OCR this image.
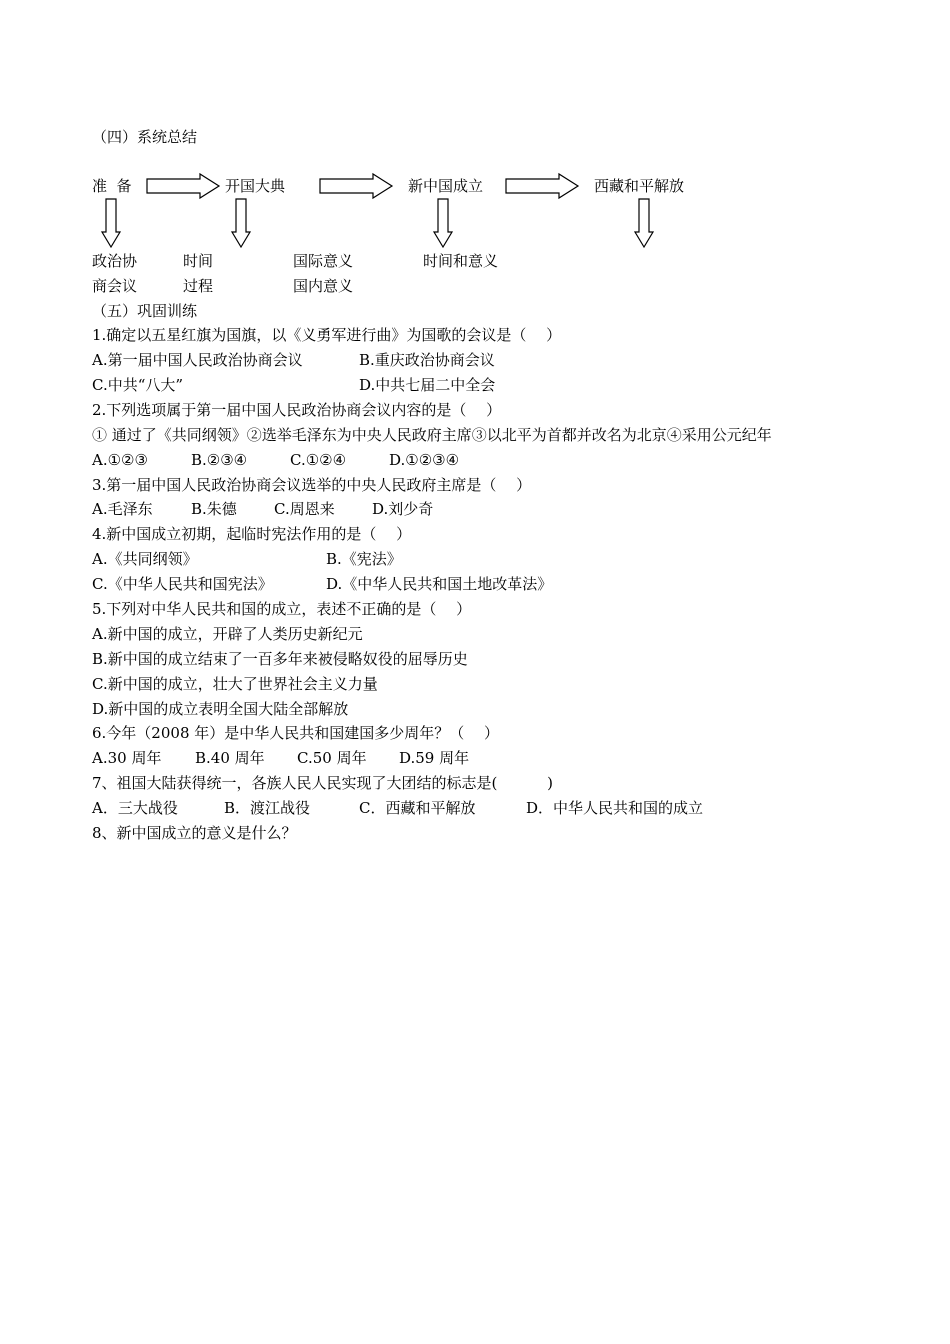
（四）系统总结
准  备	开国大典	新中国成立	西藏和平解放
政治协	时间	国际意义	时间和意义
商会议	过程	国内意义
（五）巩固训练
1.确定以五星红旗为国旗，以《义勇军进行曲》为国歌的会议是（　 ）
A.第一届中国人民政治协商会议	B.重庆政治协商会议
C.中共“八大”	D.中共七届二中全会
2.下列选项属于第一届中国人民政治协商会议内容的是（　 ）
① 通过了《共同纲领》②选举毛泽东为中央人民政府主席③以北平为首都并改名为北京④采用公元纪年
A.①②③	B.②③④	C.①②④	D.①②③④
3.第一届中国人民政治协商会议选举的中央人民政府主席是（　 ）
A.毛泽东	B.朱德 C.周恩来 D.刘少奇
4.新中国成立初期，起临时宪法作用的是（　 ）
A.《共同纲领》	B.《宪法》
C.《中华人民共和国宪法》	D.《中华人民共和国土地改革法》
5.下列对中华人民共和国的成立，表述不正确的是（　 ）
A.新中国的成立，开辟了人类历史新纪元
B.新中国的成立结束了一百多年来被侵略奴役的屈辱历史
C.新中国的成立，壮大了世界社会主义力量
D.新中国的成立表明全国大陆全部解放
6.今年（2008 年）是中华人民共和国建国多少周年？（　 ）
A.30 周年 B.40 周年 C.50 周年 D.59 周年
7、祖国大陆获得统一，各族人民人民实现了大团结的标志是(　　　 )
A．三大战役	B．渡江战役	C．西藏和平解放	D．中华人民共和国的成立
8、新中国成立的意义是什么？
